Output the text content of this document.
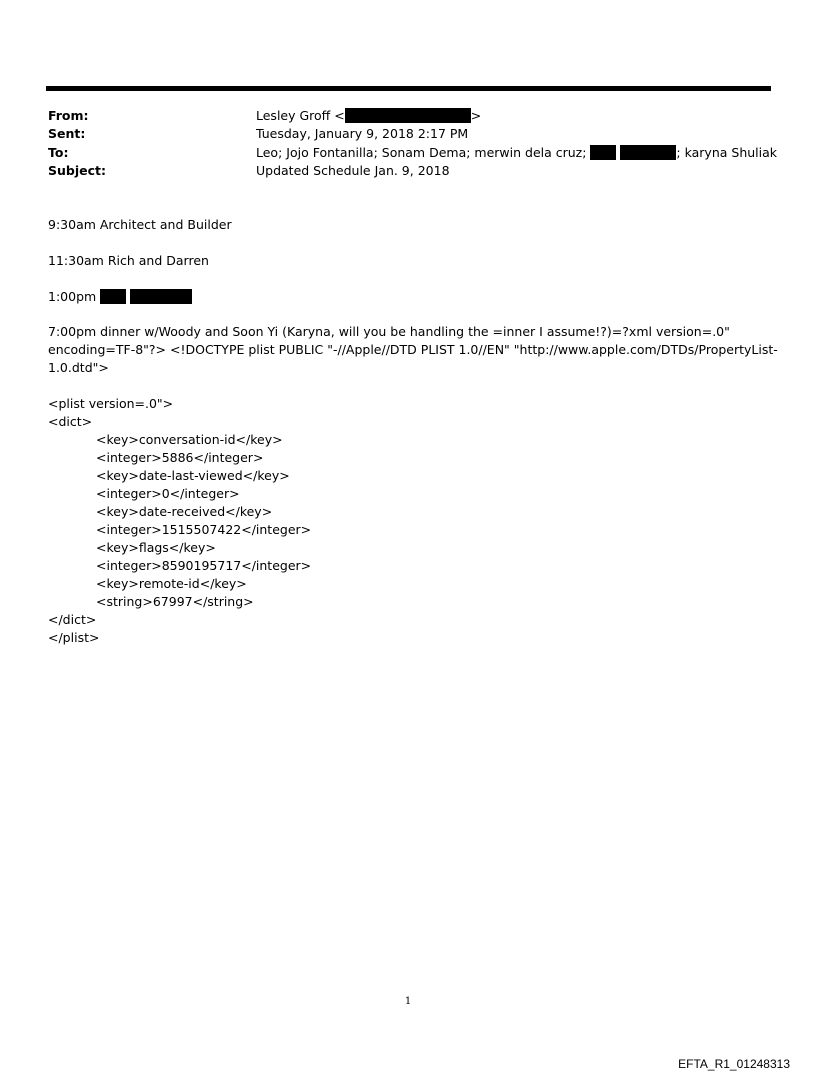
From:	Lesley Groff <	>
Sent:	Tuesday, January 9, 2018 2:17 PM
To:	Leo; Jojo Fontanilla; Sonam Dema; merwin dela cruz;	; karyna Shuliak
Subject:	Updated Schedule Jan. 9, 2018
9:30am Architect and Builder
11:30am Rich and Darren
1:00pm
7:00pm dinner w/Woody and Soon Yi (Karyna, will you be handling the =inner I assume!?)=?xml version=.0"
encoding=TF-8"?> <!DOCTYPE plist PUBLIC "-//Apple//DTD PLIST 1.0//EN" "http://www.apple.com/DTDs/PropertyList-
1.0.dtd">
<plist version=.0">
<dict>
<key>conversation-id</key>
<integer>5886</integer>
<key>date-last-viewed</key>
<integer>0</integer>
<key>date-received</key>
<integer>1515507422</integer>
<key>flags</key>
<integer>8590195717</integer>
<key>remote-id</key>
<string>67997</string>
</dict>
</plist>
1
EFTA_R1_01248313
